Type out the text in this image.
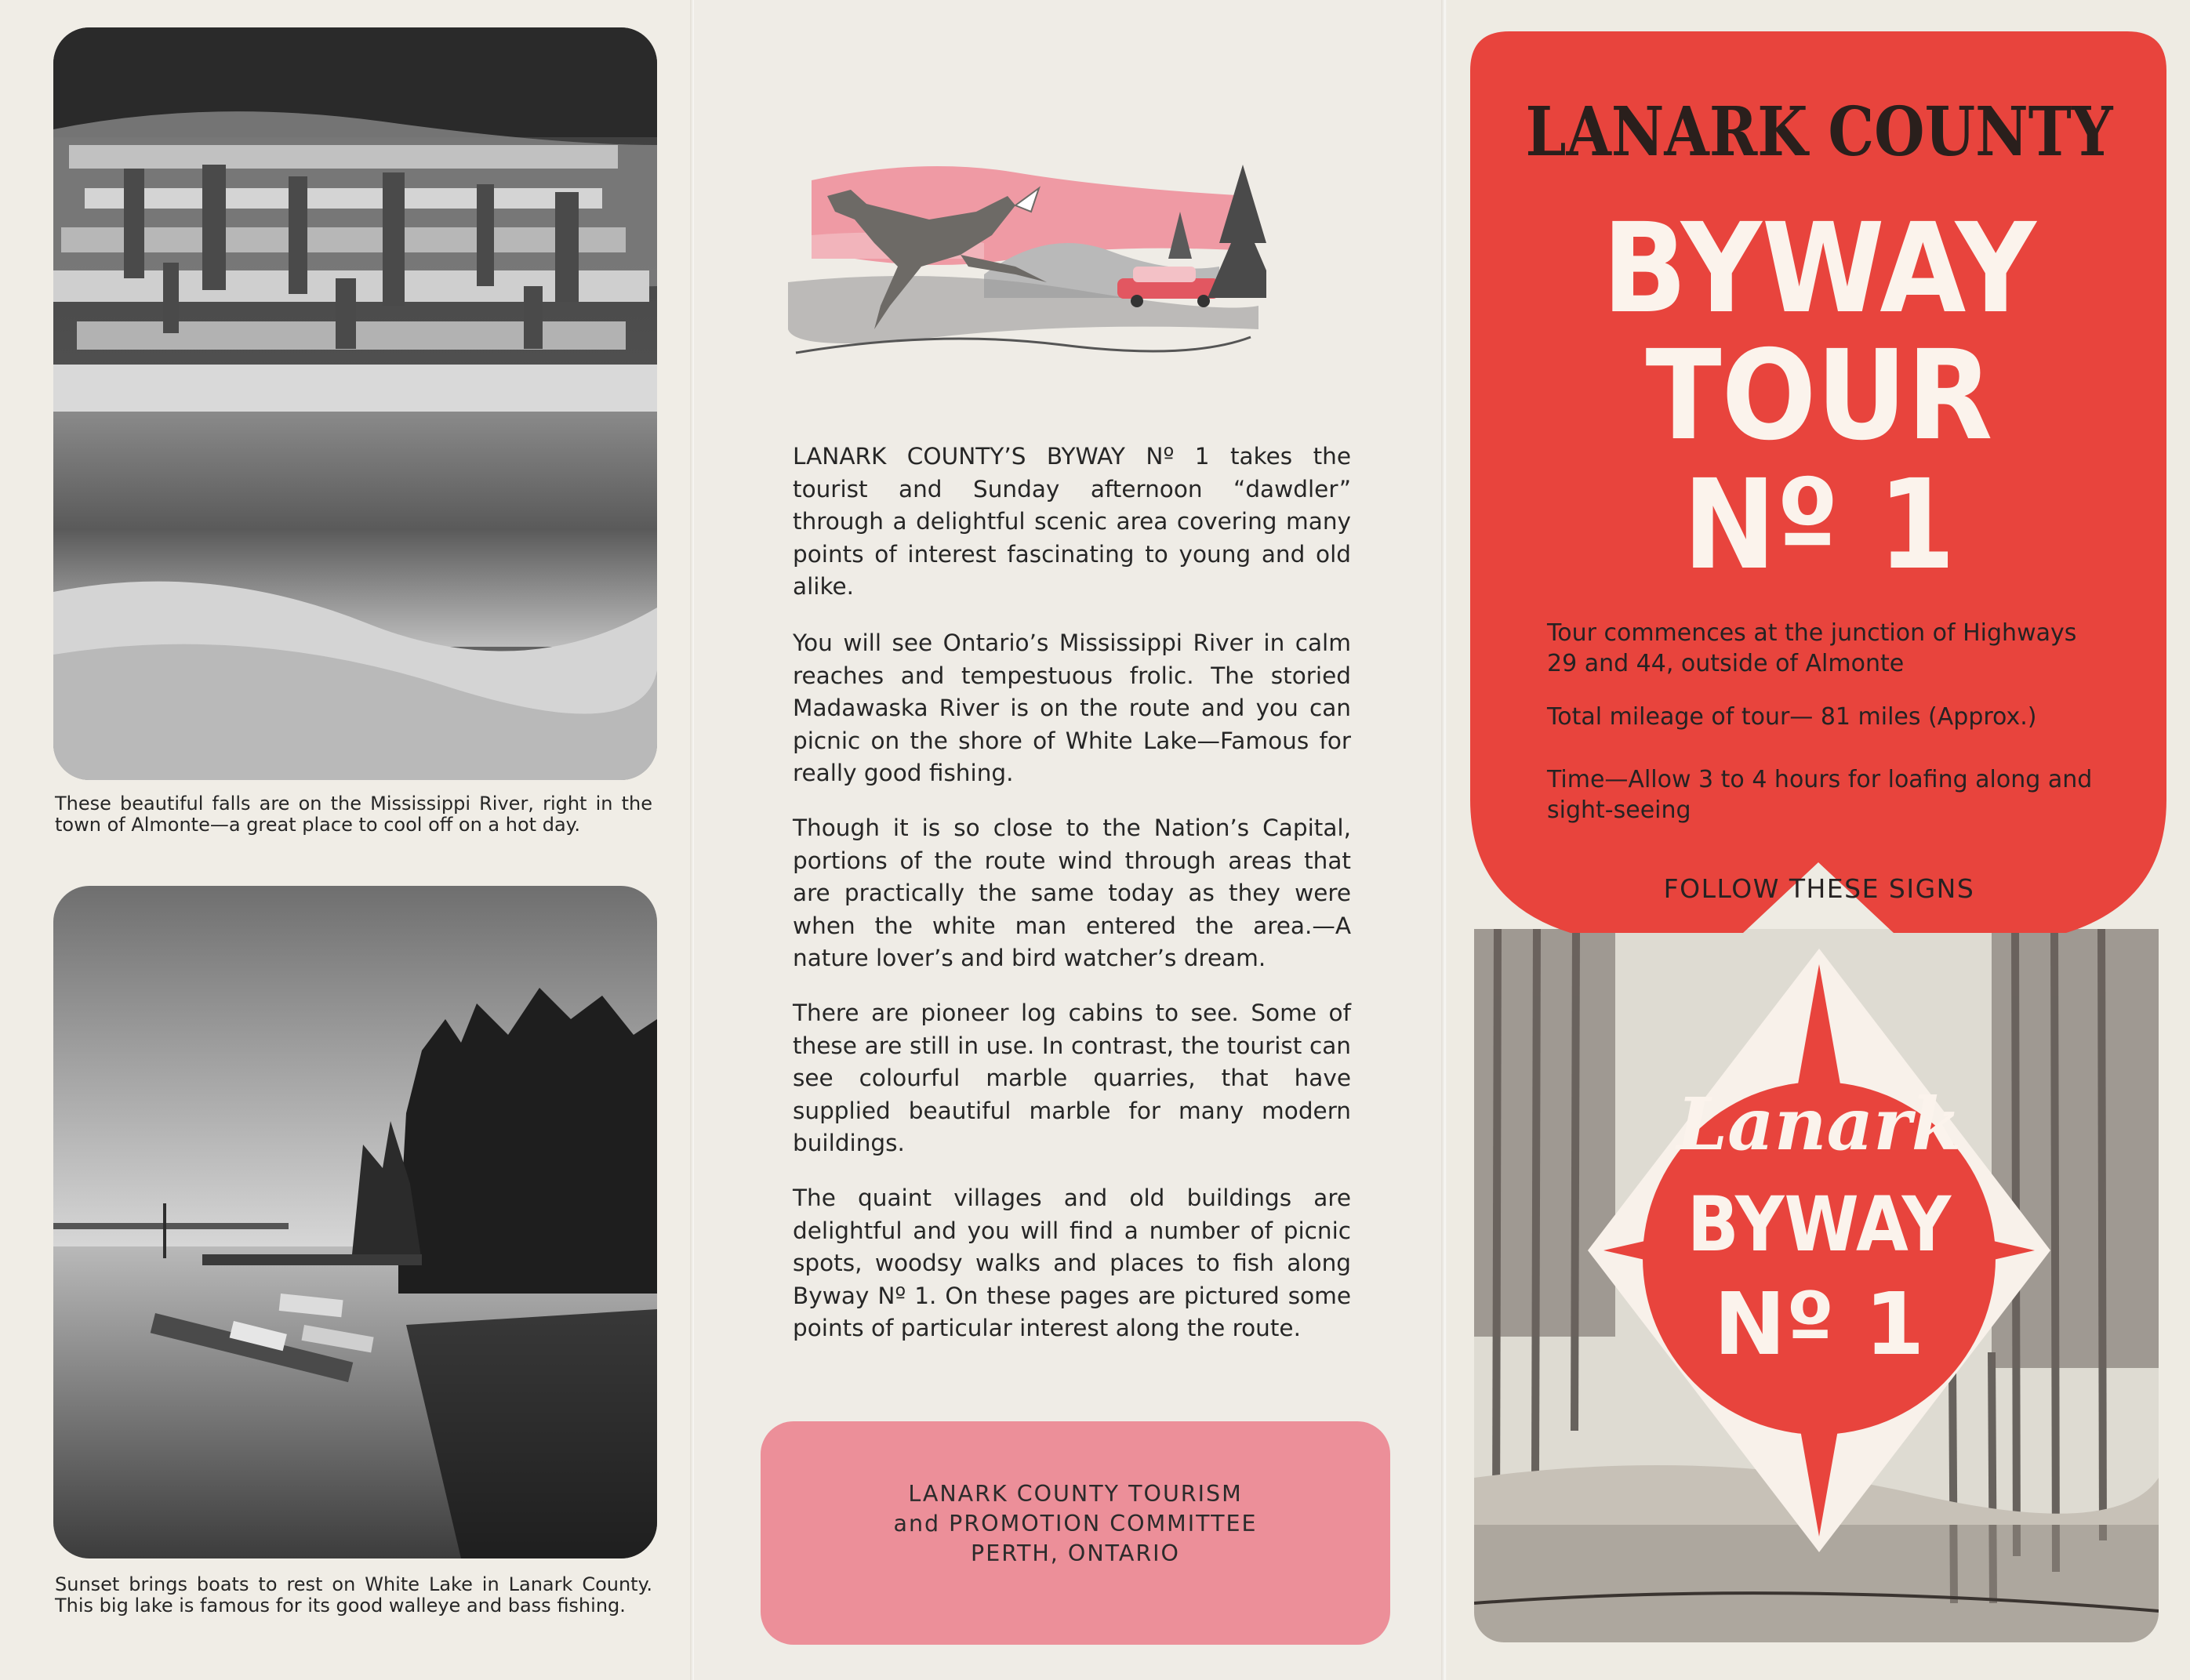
These beautiful falls are on the Mississippi River, right in the town of Almonte—a great place to cool off on a hot day.

Sunset brings boats to rest on White Lake in Lanark County. This big lake is famous for its good walleye and bass fishing.

LANARK COUNTY’S BYWAY Nº 1 takes the tourist and Sunday afternoon “dawdler” through a delightful scenic area covering many points of interest fascinating to young and old alike.

You will see Ontario’s Mississippi River in calm reaches and tempestuous frolic. The storied Madawaska River is on the route and you can picnic on the shore of White Lake—Famous for really good fishing.

Though it is so close to the Nation’s Capital, portions of the route wind through areas that are practically the same today as they were when the white man entered the area.—A nature lover’s and bird watcher’s dream.

There are pioneer log cabins to see. Some of these are still in use. In contrast, the tourist can see colourful marble quarries, that have supplied beautiful marble for many modern buildings.

The quaint villages and old buildings are delightful and you will find a number of picnic spots, woodsy walks and places to fish along Byway Nº 1. On these pages are pictured some points of particular interest along the route.

LANARK COUNTY TOURISM
and PROMOTION COMMITTEE
PERTH, ONTARIO
LANARK COUNTY
BYWAY
TOUR
Nº 1

Tour commences at the junction of Highways 29 and 44, outside of Almonte

Total mileage of tour— 81 miles (Approx.)

Time—Allow 3 to 4 hours for loafing along and sight-seeing

FOLLOW THESE SIGNS
Lanark
BYWAY
Nº 1
